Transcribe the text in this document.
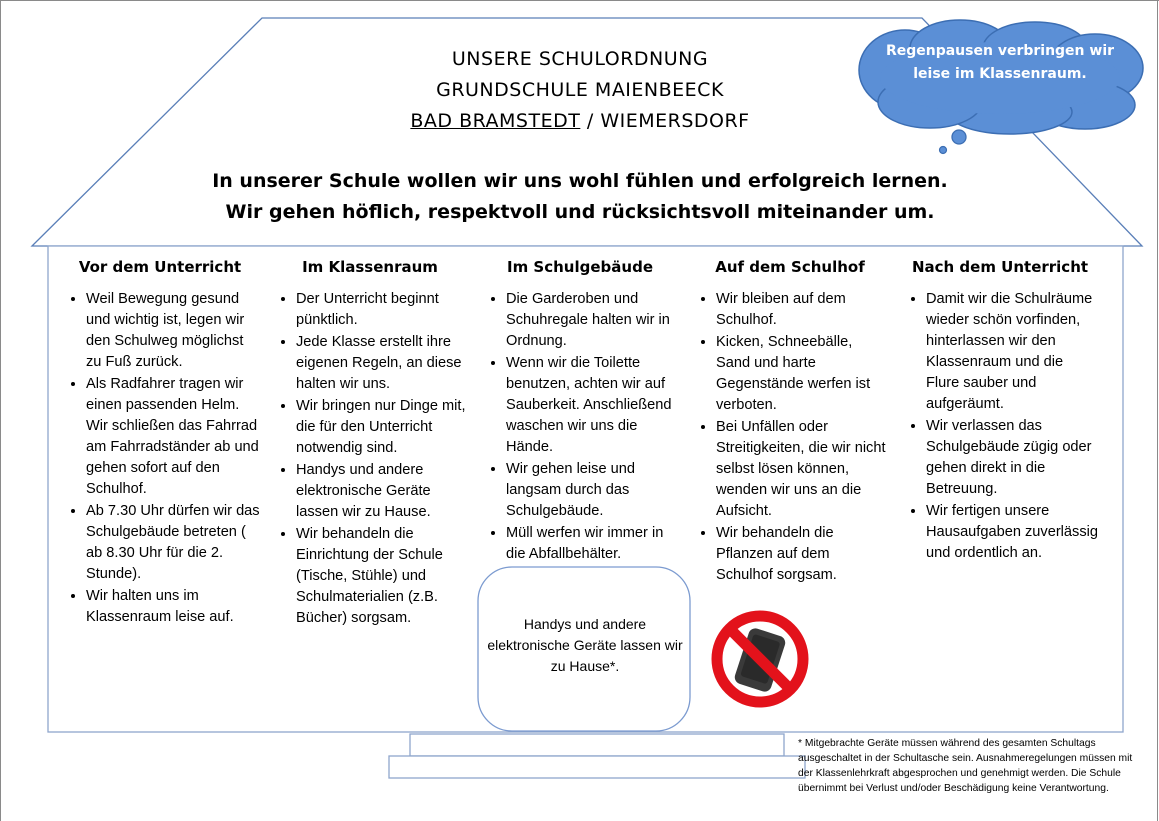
UNSERE SCHULORDNUNG
GRUNDSCHULE MAIENBEECK
BAD BRAMSTEDT / WIEMERSDORF
In unserer Schule wollen wir uns wohl fühlen und erfolgreich lernen.
Wir gehen höflich, respektvoll und rücksichtsvoll miteinander um.
Regenpausen verbringen wir leise im Klassenraum.
Vor dem Unterricht
• Weil Bewegung gesund und wichtig ist, legen wir den Schulweg möglichst zu Fuß zurück.
• Als Radfahrer tragen wir einen passenden Helm. Wir schließen das Fahrrad am Fahrradständer ab und gehen sofort auf den Schulhof.
• Ab 7.30 Uhr dürfen wir das Schulgebäude betreten ( ab 8.30 Uhr für die 2. Stunde).
• Wir halten uns im Klassenraum leise auf.
Im Klassenraum
• Der Unterricht beginnt pünktlich.
• Jede Klasse erstellt ihre eigenen Regeln, an diese halten wir uns.
• Wir bringen nur Dinge mit, die für den Unterricht notwendig sind.
• Handys und andere elektronische Geräte lassen wir zu Hause.
• Wir behandeln die Einrichtung der Schule (Tische, Stühle) und Schulmaterialien (z.B. Bücher) sorgsam.
Im Schulgebäude
• Die Garderoben und Schuhregale halten wir in Ordnung.
• Wenn wir die Toilette benutzen, achten wir auf Sauberkeit. Anschließend waschen wir uns die Hände.
• Wir gehen leise und langsam durch das Schulgebäude.
• Müll werfen wir immer in die Abfallbehälter.
Auf dem Schulhof
• Wir bleiben auf dem Schulhof.
• Kicken, Schneebälle, Sand und harte Gegenstände werfen ist verboten.
• Bei Unfällen oder Streitigkeiten, die wir nicht selbst lösen können, wenden wir uns an die Aufsicht.
• Wir behandeln die Pflanzen auf dem Schulhof sorgsam.
Nach dem Unterricht
• Damit wir die Schulräume wieder schön vorfinden, hinterlassen wir den Klassenraum und die Flure sauber und aufgeräumt.
• Wir verlassen das Schulgebäude zügig oder gehen direkt in die Betreuung.
• Wir fertigen unsere Hausaufgaben zuverlässig und ordentlich an.
Handys und andere elektronische Geräte lassen wir zu Hause*.
* Mitgebrachte Geräte müssen während des gesamten Schultags ausgeschaltet in der Schultasche sein. Ausnahmeregelungen müssen mit der Klassenlehrkraft abgesprochen und genehmigt werden. Die Schule übernimmt bei Verlust und/oder Beschädigung keine Verantwortung.
